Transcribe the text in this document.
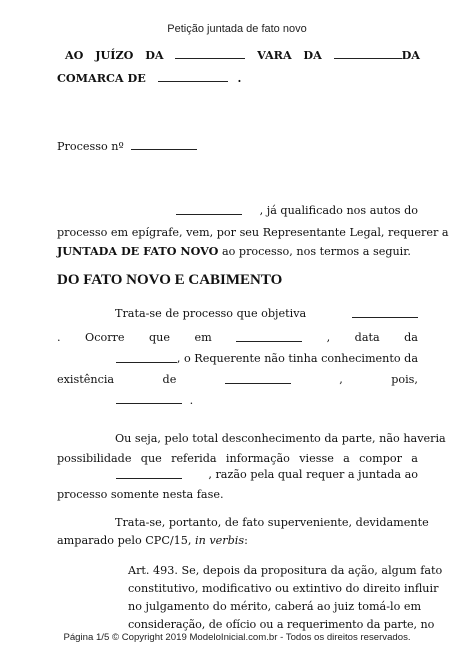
Petição juntada de fato novo
AO JUÍZO DA	VARA DA	DA
COMARCA DE	.
Processo nº
, já qualificado nos autos do
processo em epígrafe, vem, por seu Representante Legal, requerer a
JUNTADA DE FATO NOVO ao processo, nos termos a seguir.
DO FATO NOVO E CABIMENTO
Trata-se de processo que objetiva
. Ocorre que em	, data da
, o Requerente não tinha conhecimento da
existência	de	,	pois,
.
Ou seja, pelo total desconhecimento da parte, não haveria
possibilidade que referida informação viesse a compor a
, razão pela qual requer a juntada ao
processo somente nesta fase.
Trata-se, portanto, de fato superveniente, devidamente
amparado pelo CPC/15, in verbis:
Art. 493. Se, depois da propositura da ação, algum fato
constitutivo, modificativo ou extintivo do direito influir
no julgamento do mérito, caberá ao juiz tomá-lo em
consideração, de ofício ou a requerimento da parte, no
Página 1/5 © Copyright 2019 ModeloInicial.com.br - Todos os direitos reservados.
